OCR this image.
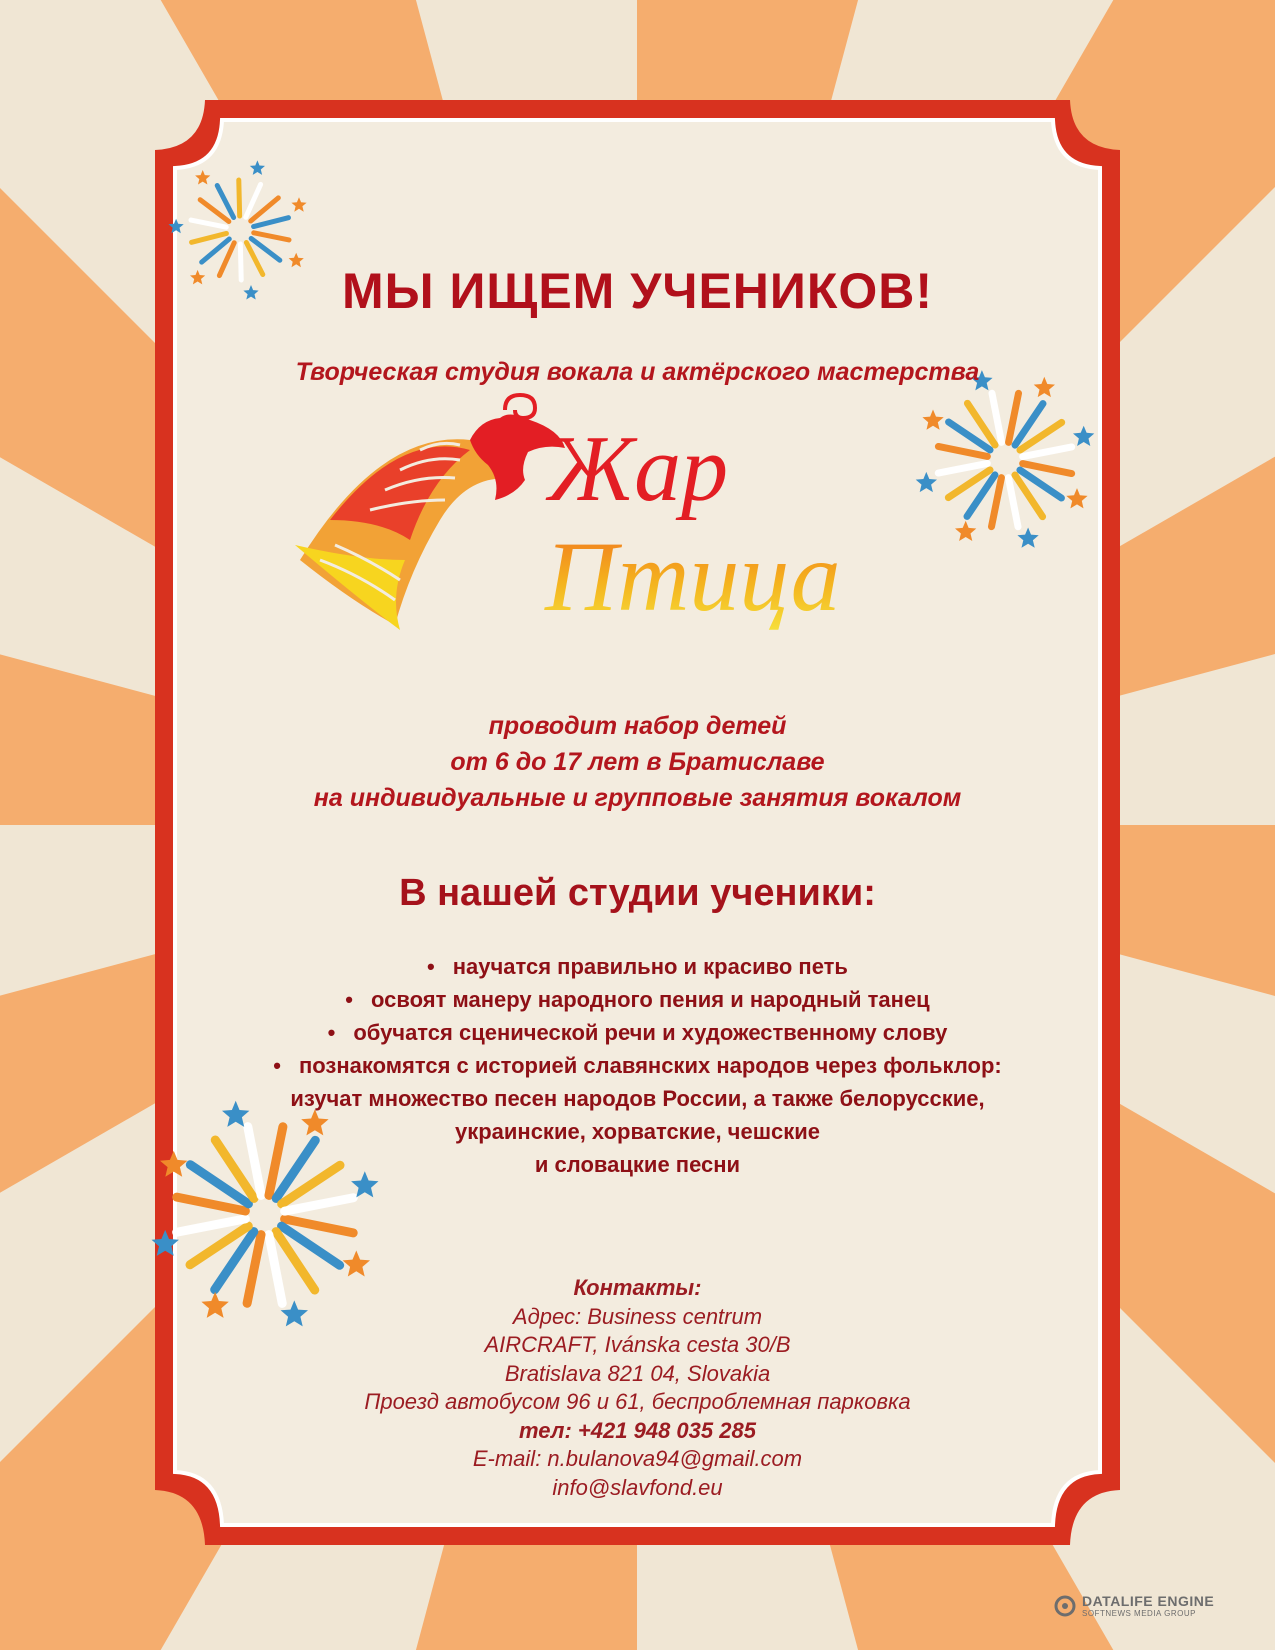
Жар
Птица
МЫ ИЩЕМ УЧЕНИКОВ!
Творческая студия вокала и актёрского мастерства
проводит набор детей
от 6 до 17 лет в Братиславе
на индивидуальные и групповые занятия вокалом
В нашей студии ученики:
• научатся правильно и красиво петь
• освоят манеру народного пения и народный танец
• обучатся сценической речи и художественному слову
• познакомятся с историей славянских народов через фольклор:
изучат множество песен народов России, а также белорусские,
украинские, хорватские, чешские
и словацкие песни
Контакты:
Адрес: Business centrum
AIRCRAFT, Ivánska cesta 30/B
Bratislava 821 04, Slovakia
Проезд автобусом 96 и 61, беспроблемная парковка
тел: +421 948 035 285
E-mail: n.bulanova94@gmail.com
info@slavfond.eu
DATALIFE ENGINE
SOFTNEWS MEDIA GROUP
